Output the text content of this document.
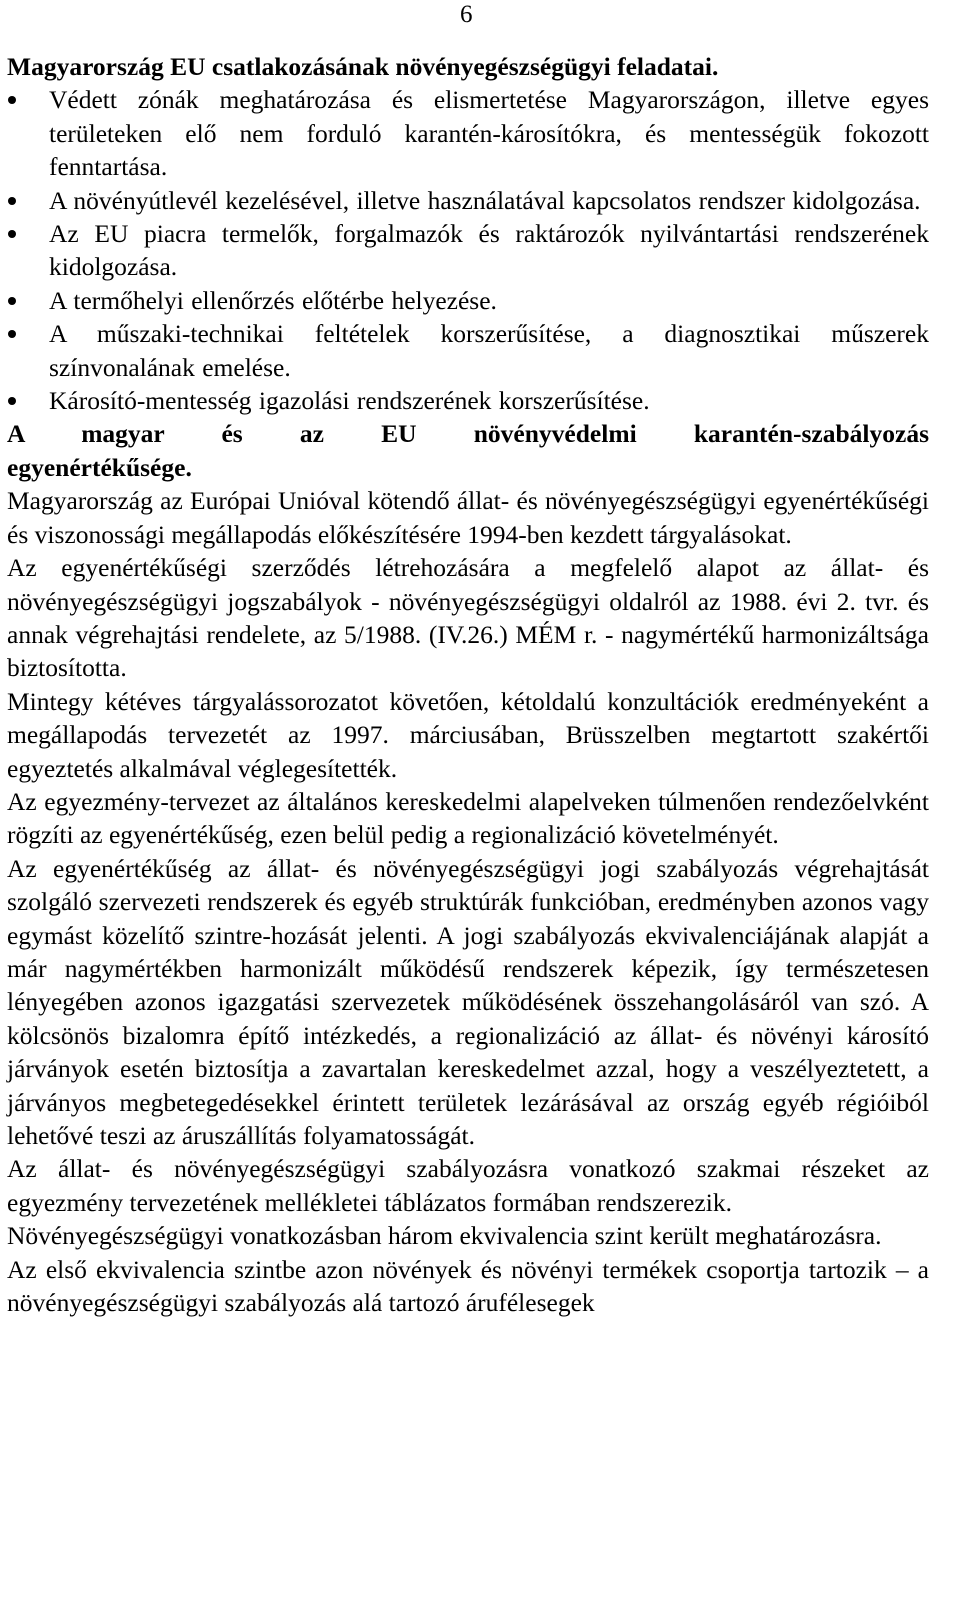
6

Magyarország EU csatlakozásának növényegészségügyi feladatai.

Védett zónák meghatározása és elismertetése Magyarországon, illetve egyes területeken elő nem forduló karantén-károsítókra, és mentességük fokozott fenntartása.
A növényútlevél kezelésével, illetve használatával kapcsolatos rendszer kidolgozása.
Az EU piacra termelők, forgalmazók és raktározók nyilvántartási rendszerének kidolgozása.
A termőhelyi ellenőrzés előtérbe helyezése.
A műszaki-technikai feltételek korszerűsítése, a diagnosztikai műszerek színvonalának emelése.
Károsító-mentesség igazolási rendszerének korszerűsítése.

A magyar és az EU növényvédelmi karantén-szabályozás

egyenértékűsége.

Magyarország az Európai Unióval kötendő állat- és növényegészségügyi egyenértékűségi és viszonossági megállapodás előkészítésére 1994-ben kezdett tárgyalásokat.

Az egyenértékűségi szerződés létrehozására a megfelelő alapot az állat- és növényegészségügyi jogszabályok - növényegészségügyi oldalról az 1988. évi 2. tvr. és annak végrehajtási rendelete, az 5/1988. (IV.26.) MÉM r. - nagymértékű harmonizáltsága biztosította.

Mintegy kétéves tárgyalássorozatot követően, kétoldalú konzultációk eredményeként a megállapodás tervezetét az 1997. márciusában, Brüsszelben megtartott szakértői egyeztetés alkalmával véglegesítették.

Az egyezmény-tervezet az általános kereskedelmi alapelveken túlmenően rendezőelvként rögzíti az egyenértékűség, ezen belül pedig a regionalizáció követelményét.

Az egyenértékűség az állat- és növényegészségügyi jogi szabályozás végrehajtását szolgáló szervezeti rendszerek és egyéb struktúrák funkcióban, eredményben azonos vagy egymást közelítő szintre-hozását jelenti. A jogi szabályozás ekvivalenciájának alapját a már nagymértékben harmonizált működésű rendszerek képezik, így természetesen lényegében azonos igazgatási szervezetek működésének összehangolásáról van szó. A kölcsönös bizalomra építő intézkedés, a regionalizáció az állat- és növényi károsító járványok esetén biztosítja a zavartalan kereskedelmet azzal, hogy a veszélyeztetett, a járványos megbetegedésekkel érintett területek lezárásával az ország egyéb régióiból lehetővé teszi az áruszállítás folyamatosságát.

Az állat- és növényegészségügyi szabályozásra vonatkozó szakmai részeket az egyezmény tervezetének mellékletei táblázatos formában rendszerezik.

Növényegészségügyi vonatkozásban három ekvivalencia szint került meghatározásra.

Az első ekvivalencia szintbe azon növények és növényi termékek csoportja tartozik – a növényegészségügyi szabályozás alá tartozó árufélesegek
